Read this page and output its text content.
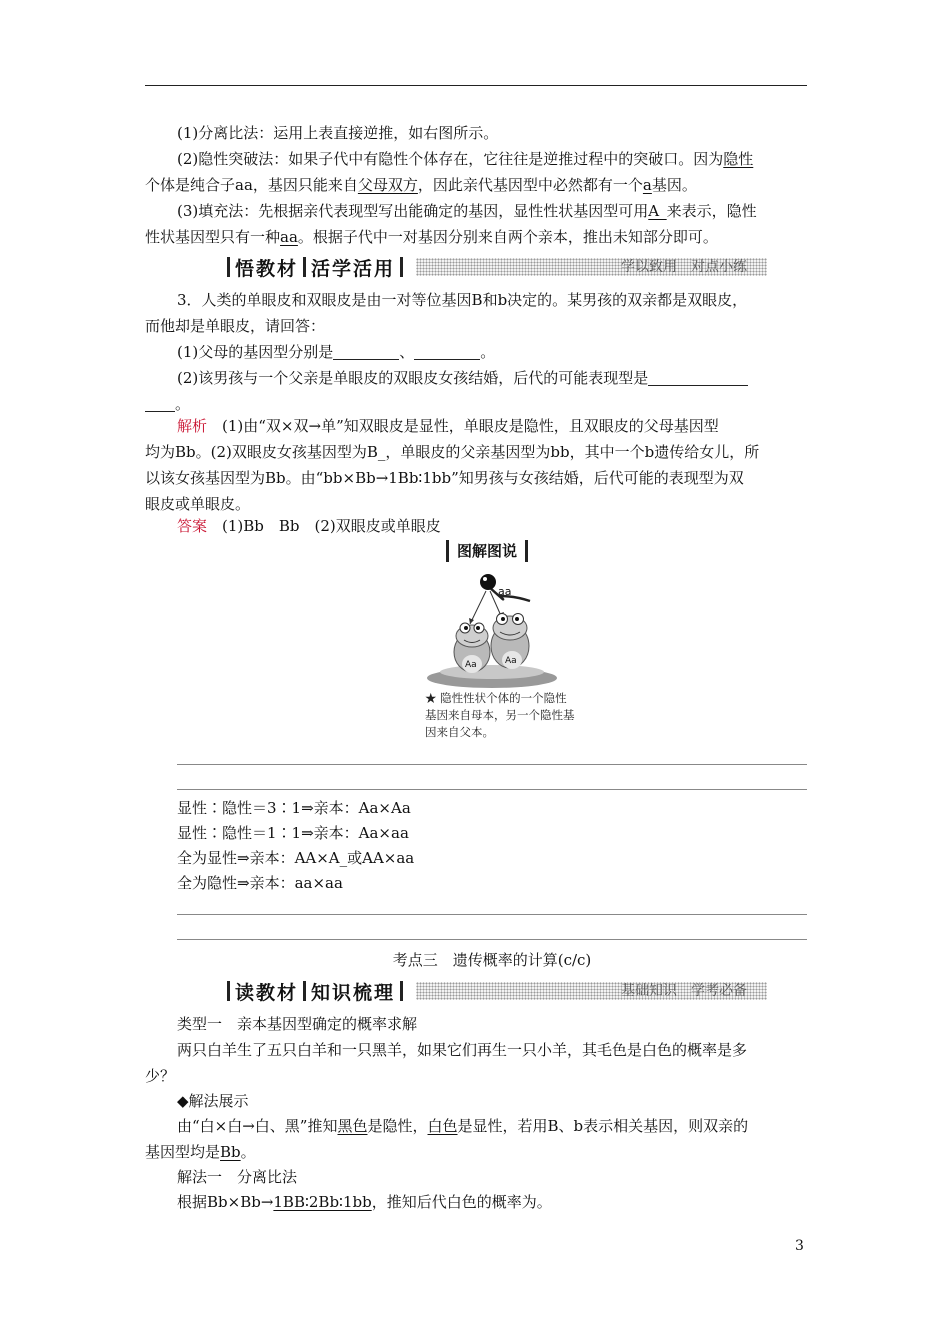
(1)分离比法：运用上表直接逆推，如右图所示。
(2)隐性突破法：如果子代中有隐性个体存在，它往往是逆推过程中的突破口。因为隐性
个体是纯合子aa，基因只能来自父母双方，因此亲代基因型中必然都有一个a基因。
(3)填充法：先根据亲代表现型写出能确定的基因，显性性状基因型可用A_来表示，隐性
性状基因型只有一种aa。根据子代中一对基因分别来自两个亲本，推出未知部分即可。
悟教材 活学活用	学以致用　对点小练
3．人类的单眼皮和双眼皮是由一对等位基因B和b决定的。某男孩的双亲都是双眼皮，
而他却是单眼皮，请回答：
(1)父母的基因型分别是	、	。
(2)该男孩与一个父亲是单眼皮的双眼皮女孩结婚，后代的可能表现型是
。
解析　(1)由“双×双→单”知双眼皮是显性，单眼皮是隐性，且双眼皮的父母基因型
均为Bb。(2)双眼皮女孩基因型为B_，单眼皮的父亲基因型为bb，其中一个b遗传给女儿，所
以该女孩基因型为Bb。由“bb×Bb→1Bb∶1bb”知男孩与女孩结婚，后代可能的表现型为双
眼皮或单眼皮。
答案　(1)Bb　Bb　(2)双眼皮或单眼皮
图解图说
aa
Aa	Aa
★ 隐性性状个体的一个隐性基因来自母本，另一个隐性基因来自父本。
显性∶隐性＝3∶1⇒亲本：Aa×Aa
显性∶隐性＝1∶1⇒亲本：Aa×aa
全为显性⇒亲本：AA×A_或AA×aa
全为隐性⇒亲本：aa×aa
考点三　遗传概率的计算(c/c)
读教材 知识梳理	基础知识　学考必备
类型一　亲本基因型确定的概率求解
两只白羊生了五只白羊和一只黑羊，如果它们再生一只小羊，其毛色是白色的概率是多
少？
◆解法展示
由“白×白→白、黑”推知黑色是隐性，白色是显性，若用B、b表示相关基因，则双亲的
基因型均是Bb。
解法一　分离比法
根据Bb×Bb→1BB∶2Bb∶1bb，推知后代白色的概率为。
3
